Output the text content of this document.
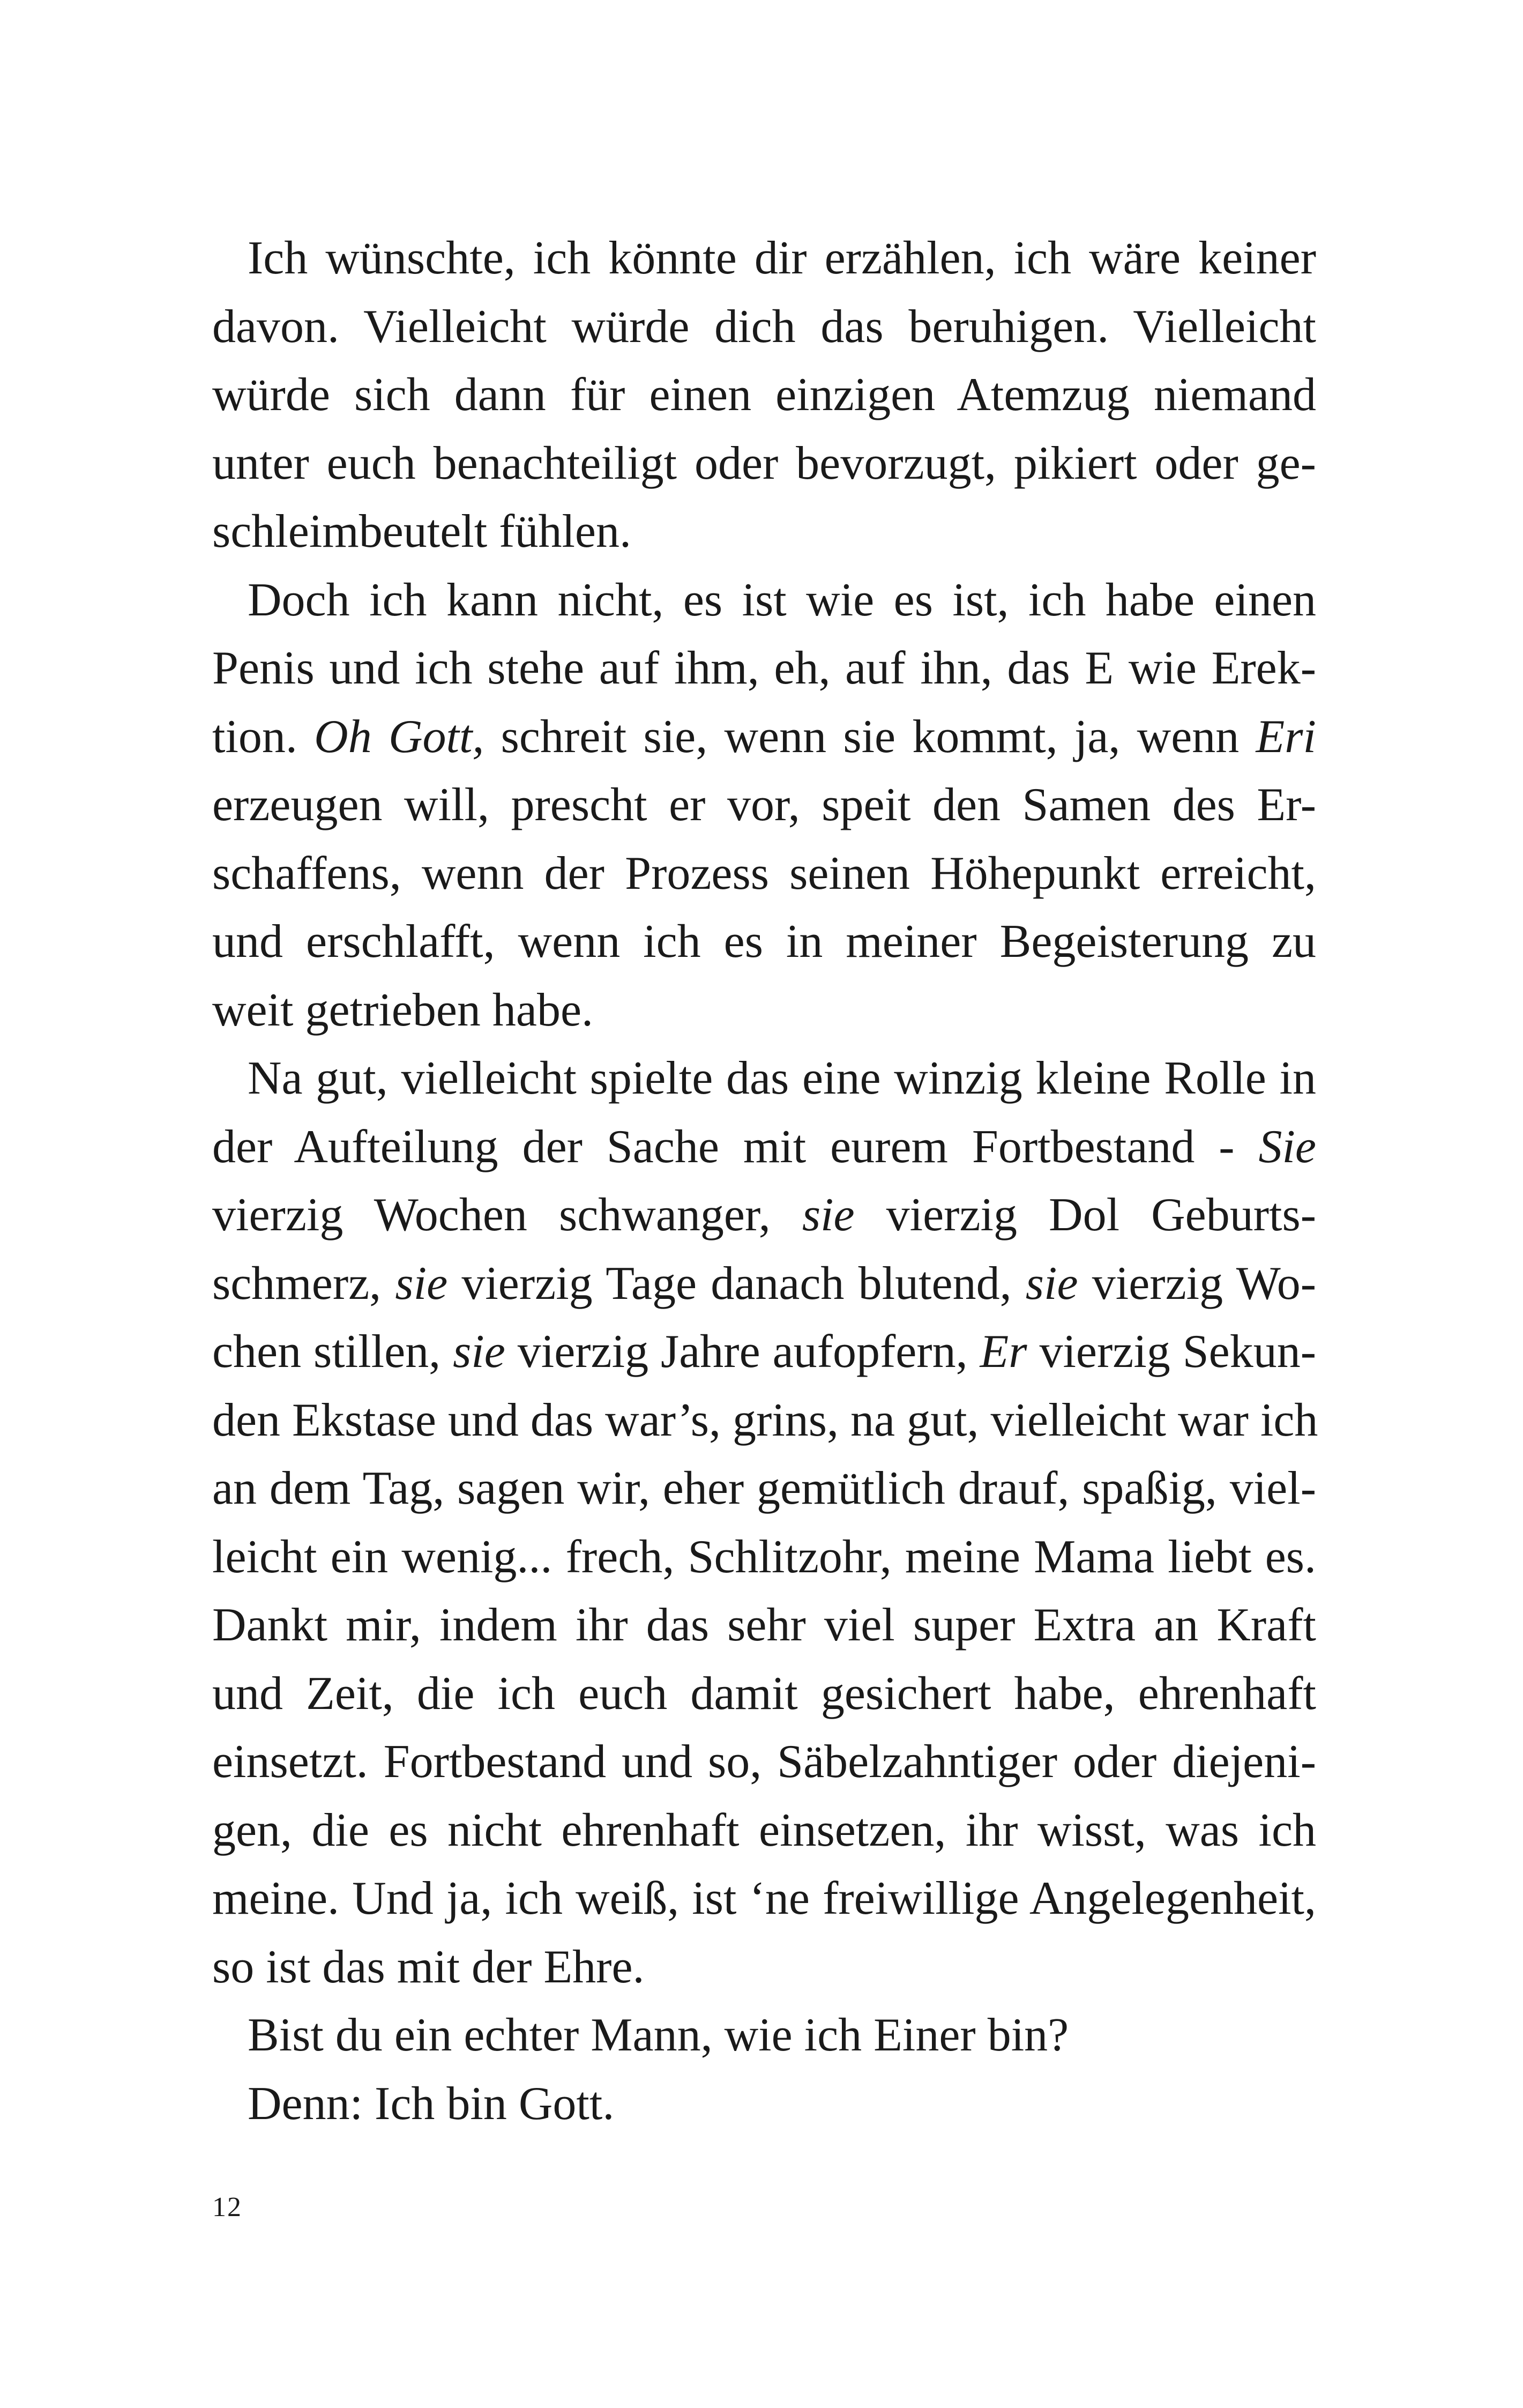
Ich wünschte, ich könnte dir erzählen, ich wäre keiner
davon. Vielleicht würde dich das beruhigen. Vielleicht
würde sich dann für einen einzigen Atemzug niemand
unter euch benachteiligt oder bevorzugt, pikiert oder ge-
schleimbeutelt fühlen.
Doch ich kann nicht, es ist wie es ist, ich habe einen
Penis und ich stehe auf ihm, eh, auf ihn, das E wie Erek-
tion. Oh Gott, schreit sie, wenn sie kommt, ja, wenn Eri
erzeugen will, prescht er vor, speit den Samen des Er-
schaffens, wenn der Prozess seinen Höhepunkt erreicht,
und erschlafft, wenn ich es in meiner Begeisterung zu
weit getrieben habe.
Na gut, vielleicht spielte das eine winzig kleine Rolle in
der Aufteilung der Sache mit eurem Fortbestand - Sie
vierzig Wochen schwanger, sie vierzig Dol Geburts-
schmerz, sie vierzig Tage danach blutend, sie vierzig Wo-
chen stillen, sie vierzig Jahre aufopfern, Er vierzig Sekun-
den Ekstase und das war’s, grins, na gut, vielleicht war ich
an dem Tag, sagen wir, eher gemütlich drauf, spaßig, viel-
leicht ein wenig... frech, Schlitzohr, meine Mama liebt es.
Dankt mir, indem ihr das sehr viel super Extra an Kraft
und Zeit, die ich euch damit gesichert habe, ehrenhaft
einsetzt. Fortbestand und so, Säbelzahntiger oder diejeni-
gen, die es nicht ehrenhaft einsetzen, ihr wisst, was ich
meine. Und ja, ich weiß, ist ‘ne freiwillige Angelegenheit,
so ist das mit der Ehre.
Bist du ein echter Mann, wie ich Einer bin?
Denn: Ich bin Gott.
12
